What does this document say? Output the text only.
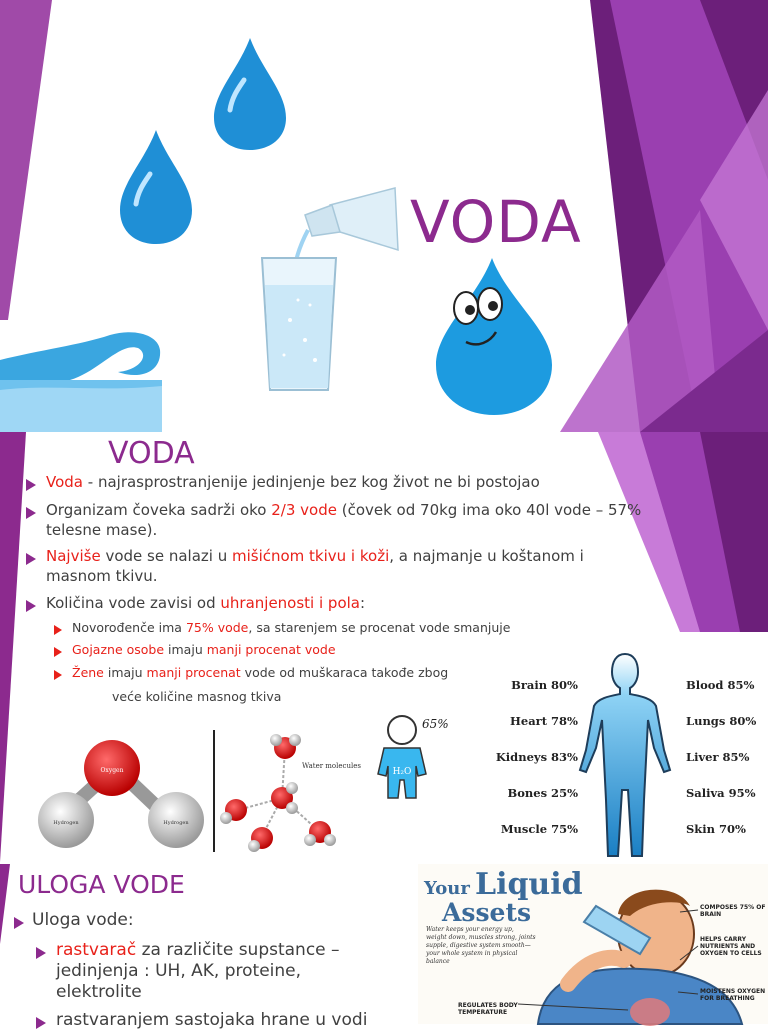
VODA
VODA
Voda - najrasprostranjenije jedinjenje bez kog život ne bi postojao
Organizam čoveka sadrži oko 2/3 vode (čovek od 70kg ima oko 40l vode – 57% telesne mase).
Najviše vode se nalazi u mišićnom tkivu i koži, a najmanje u koštanom i masnom tkivu.
Količina vode zavisi od uhranjenosti i pola:
Novorođenče ima 75% vode, sa starenjem se procenat vode smanjuje
Gojazne osobe imaju manji procenat vode
Žene imaju manji procenat vode od muškaraca takođe zbog
veće količine masnog tkiva
Oxygen
Hydrogen	Hydrogen
Water molecules
H₂O
65%
Brain 80%
Heart 78%
Kidneys 83%
Bones 25%
Muscle 75%
Blood 85%
Lungs 80%
Liver 85%
Saliva 95%
Skin 70%
ULOGA VODE
Uloga vode:
rastvarač za različite supstance – jedinjenja : UH, AK, proteine, elektrolite
rastvaranjem sastojaka hrane u vodi
Your Liquid
Assets
Water keeps your energy up, weight down, muscles strong, joints supple, digestive system smooth— your whole system in physical balance
COMPOSES 75% OF BRAIN
HELPS CARRY NUTRIENTS AND OXYGEN TO CELLS
MOISTENS OXYGEN FOR BREATHING
REGULATES BODY TEMPERATURE
